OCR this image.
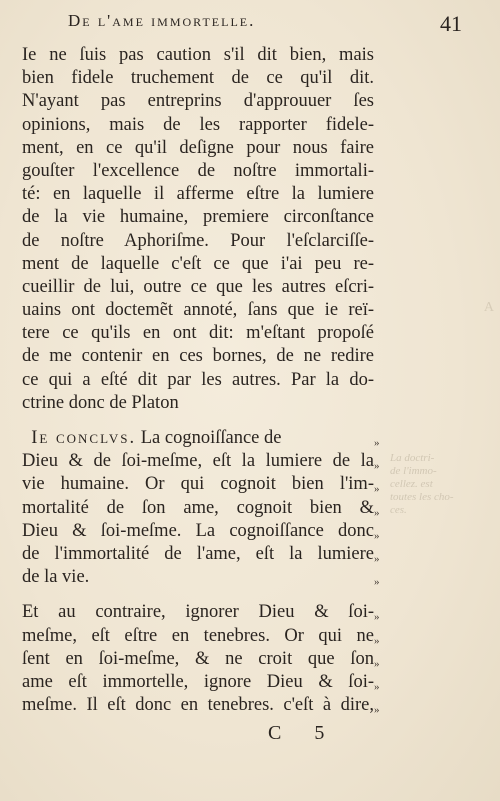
De l'ame immortelle.	41
Ie ne ſuis pas caution s'il dit bien, mais
bien fidele truchement de ce qu'il dit.
N'ayant pas entreprins d'approuuer ſes
opinions, mais de les rapporter fidele-
ment, en ce qu'il deſigne pour nous faire
gouſter l'excellence de noſtre immortali-
té: en laquelle il afferme eſtre la lumiere
de la vie humaine, premiere circonſtance
de noſtre Aphoriſme. Pour l'eſclarciſſe-
ment de laquelle c'eſt ce que i'ai peu re-
cueillir de lui, outre ce que les autres eſcri-
uains ont doctemẽt annoté, ſans que ie reï-
tere ce qu'ils en ont dit: m'eſtant propoſé
de me contenir en ces bornes, de ne redire
ce qui a eſté dit par les autres. Par la do-
ctrine donc de Platon
Ie conclvs. La cognoiſſance de
Dieu & de ſoi-meſme, eſt la lumiere de la
vie humaine. Or qui cognoit bien l'im-
mortalité de ſon ame, cognoit bien &
Dieu & ſoi-meſme. La cognoiſſance donc
de l'immortalité de l'ame, eſt la lumiere
de la vie.
Et au contraire, ignorer Dieu & ſoi-
meſme, eſt eſtre en tenebres. Or qui ne
ſent en ſoi-meſme, & ne croit que ſon
ame eſt immortelle, ignore Dieu & ſoi-
meſme. Il eſt donc en tenebres. c'eſt à dire,
»
»
»
»
»
»
»
»
»
»
»
»
La doctri-
de l'immo-
cellez. est
toutes les cho-
ces.
A
C 5
